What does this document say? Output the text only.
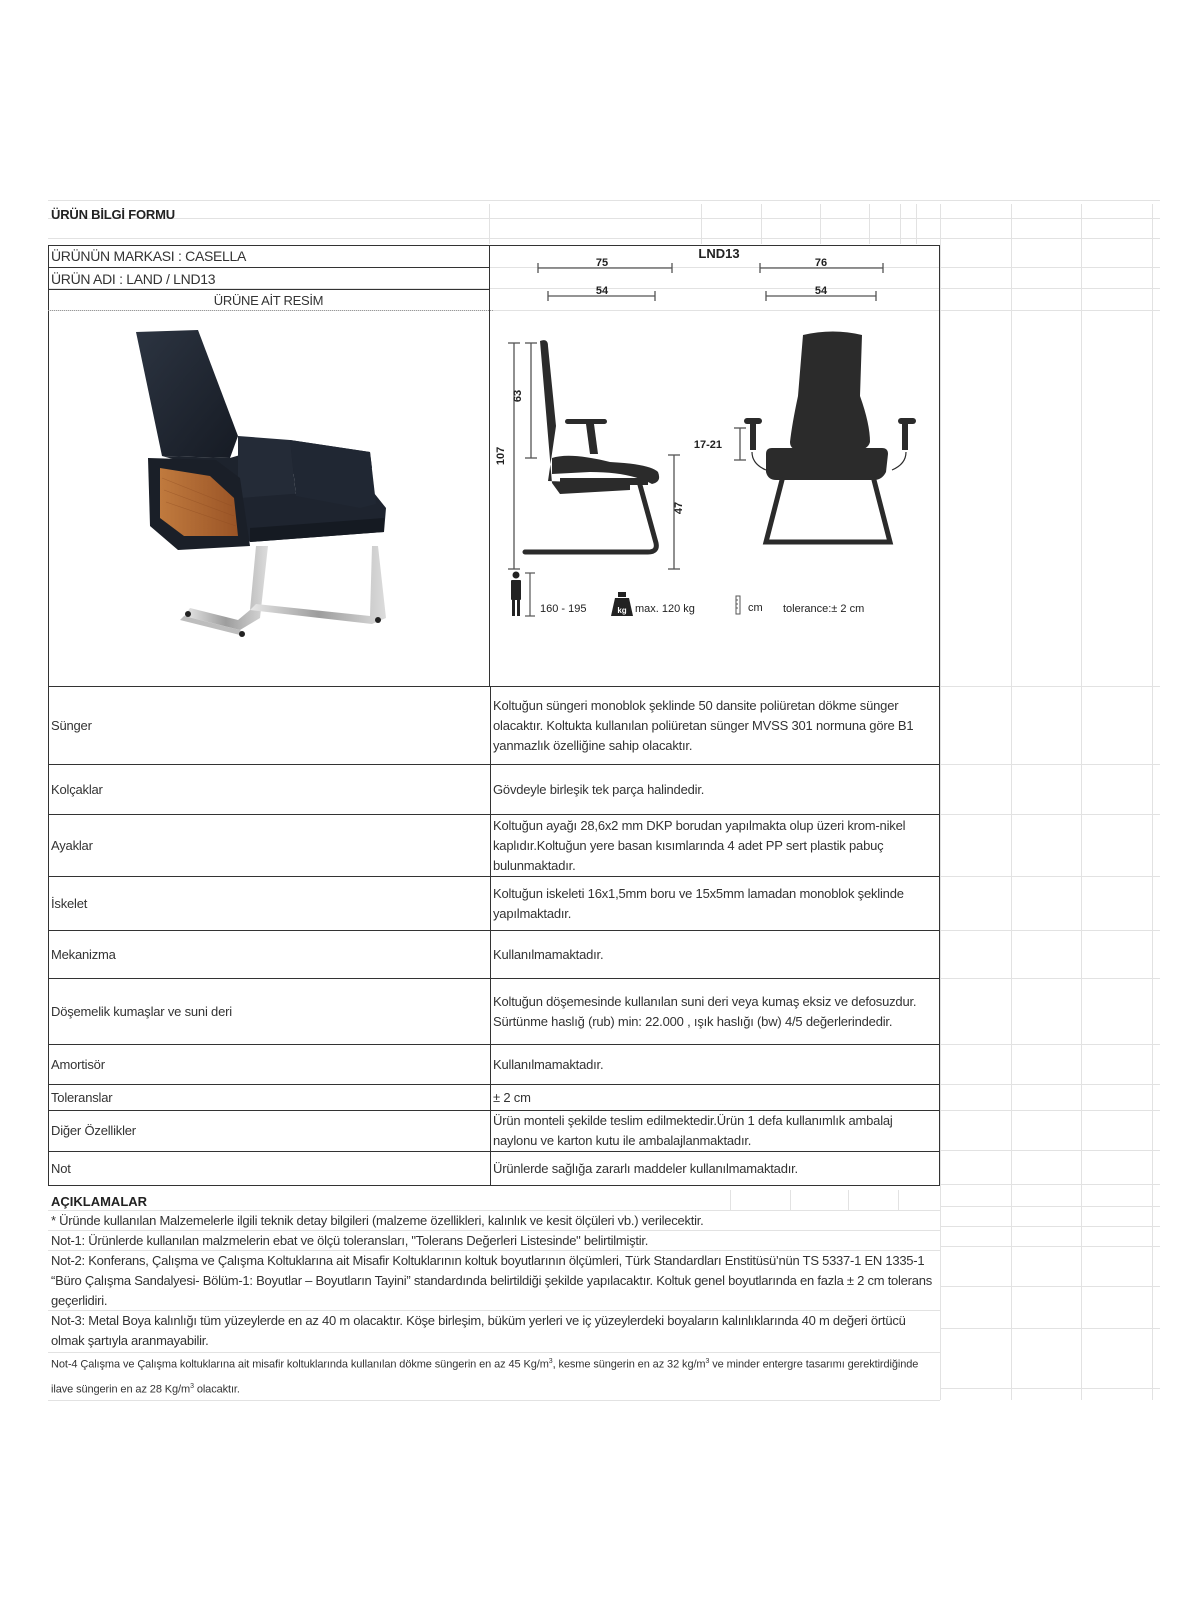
ÜRÜN BİLGİ FORMU
ÜRÜNÜN MARKASI : CASELLA
ÜRÜN ADI : LAND / LND13
ÜRÜNE AİT RESİM
LND13
75
54
76
54
107
63
47
17-21
160 - 195	kg max. 120 kg	cm tolerance:± 2 cm
Sünger	Koltuğun süngeri monoblok şeklinde 50 dansite poliüretan dökme sünger olacaktır. Koltukta kullanılan poliüretan sünger MVSS 301 normuna göre B1 yanmazlık özelliğine sahip olacaktır.
Kolçaklar	Gövdeyle birleşik tek parça halindedir.
Ayaklar	Koltuğun ayağı 28,6x2 mm DKP borudan yapılmakta olup üzeri krom-nikel kaplıdır.Koltuğun yere basan kısımlarında 4 adet PP sert plastik pabuç bulunmaktadır.
İskelet	Koltuğun iskeleti 16x1,5mm boru ve 15x5mm lamadan monoblok şeklinde yapılmaktadır.
Mekanizma	Kullanılmamaktadır.
Döşemelik kumaşlar ve suni deri	Koltuğun döşemesinde kullanılan suni deri veya kumaş eksiz ve defosuzdur. Sürtünme haslığ (rub) min: 22.000 , ışık haslığı (bw) 4/5 değerlerindedir.
Amortisör	Kullanılmamaktadır.
Toleranslar	± 2 cm
Diğer Özellikler	Ürün monteli şekilde teslim edilmektedir.Ürün 1 defa kullanımlık ambalaj naylonu ve karton kutu ile ambalajlanmaktadır.
Not	Ürünlerde sağlığa zararlı maddeler kullanılmamaktadır.
AÇIKLAMALAR
* Üründe kullanılan Malzemelerle ilgili teknik detay bilgileri (malzeme özellikleri, kalınlık ve kesit ölçüleri vb.) verilecektir.
Not-1: Ürünlerde kullanılan malzmelerin ebat ve ölçü toleransları, "Tolerans Değerleri Listesinde" belirtilmiştir.
Not-2: Konferans, Çalışma ve Çalışma Koltuklarına ait Misafir Koltuklarının koltuk boyutlarının ölçümleri, Türk Standardları Enstitüsü’nün TS 5337-1 EN 1335-1 “Büro Çalışma Sandalyesi- Bölüm-1: Boyutlar – Boyutların Tayini” standardında belirtildiği şekilde yapılacaktır. Koltuk genel boyutlarında en fazla ± 2 cm tolerans geçerlidiri.
Not-3: Metal Boya kalınlığı tüm yüzeylerde en az 40 m olacaktır. Köşe birleşim, büküm yerleri ve iç yüzeylerdeki boyaların kalınlıklarında 40 m değeri örtücü olmak şartıyla aranmayabilir.
Not-4 Çalışma ve Çalışma koltuklarına ait misafir koltuklarında kullanılan dökme süngerin en az 45 $Kg/m^3$, kesme süngerin en az 32 $kg/m^3$ ve minder entergre tasarımı gerektirdiğinde ilave süngerin en az 28 $Kg/m^3$ olacaktır.
